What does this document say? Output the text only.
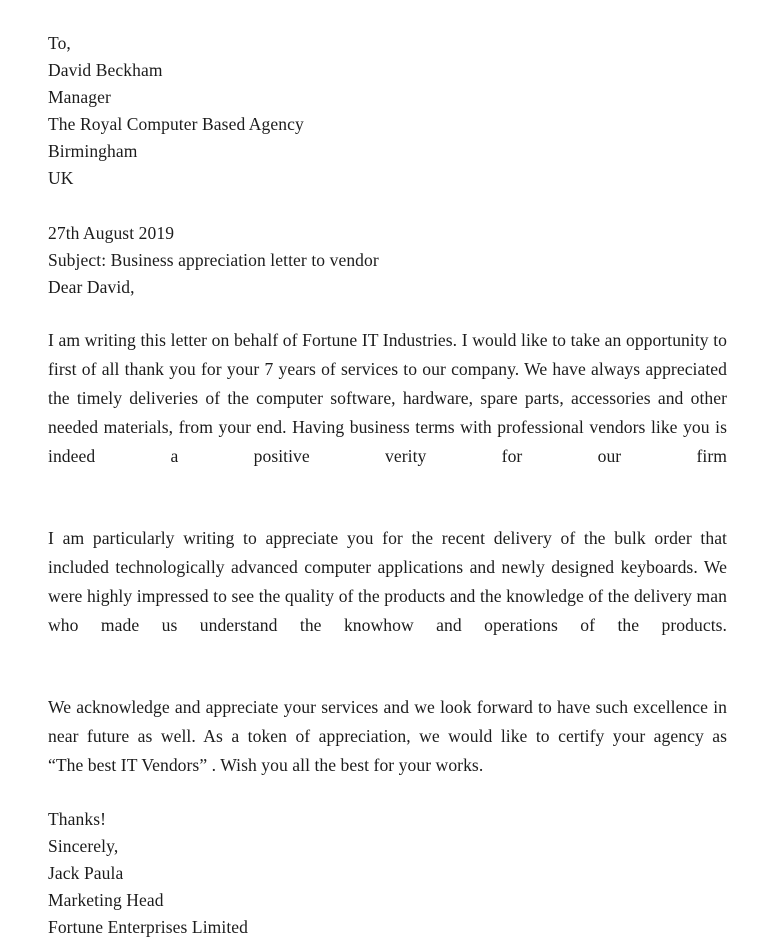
To,
David Beckham
Manager
The Royal Computer Based Agency
Birmingham
UK
27th August 2019
Subject: Business appreciation letter to vendor
Dear David,

I am writing this letter on behalf of Fortune IT Industries. I would like to take an opportunity to first of all thank you for your 7 years of services to our company. We have always appreciated the timely deliveries of the computer software, hardware, spare parts, accessories and other needed materials, from your end. Having business terms with professional vendors like you is indeed a positive verity for our firm

I am particularly writing to appreciate you for the recent delivery of the bulk order that included technologically advanced computer applications and newly designed keyboards. We were highly impressed to see the quality of the products and the knowledge of the delivery man who made us understand the knowhow and operations of the products.

We acknowledge and appreciate your services and we look forward to have such excellence in near future as well. As a token of appreciation, we would like to certify your agency as “The best IT Vendors” . Wish you all the best for your works.

Thanks!
Sincerely,
Jack Paula
Marketing Head
Fortune Enterprises Limited
